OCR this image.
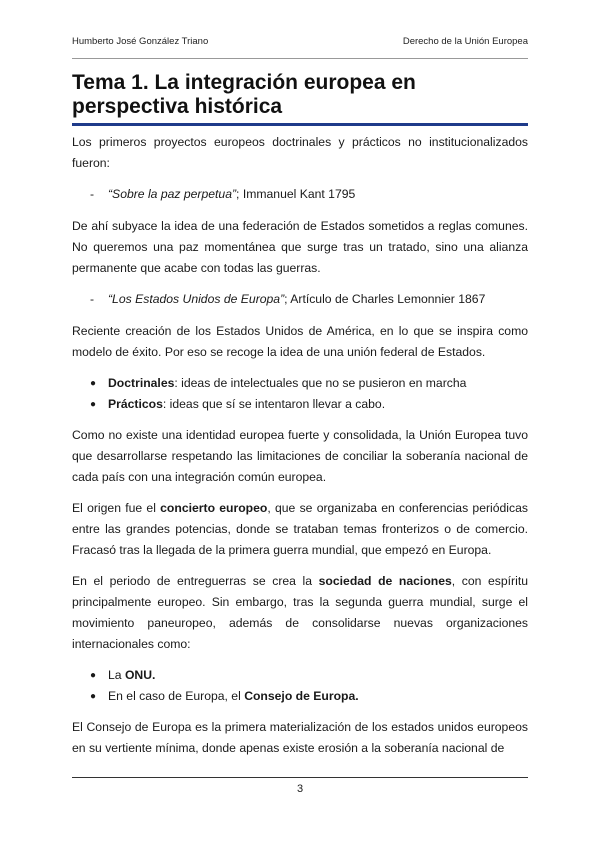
Humberto José González Triano	Derecho de la Unión Europea
Tema 1. La integración europea en perspectiva histórica

Los primeros proyectos europeos doctrinales y prácticos no institucionalizados fueron:

-	“Sobre la paz perpetua”; Immanuel Kant 1795

De ahí subyace la idea de una federación de Estados sometidos a reglas comunes. No queremos una paz momentánea que surge tras un tratado, sino una alianza permanente que acabe con todas las guerras.

-	“Los Estados Unidos de Europa”; Artículo de Charles Lemonnier 1867

Reciente creación de los Estados Unidos de América, en lo que se inspira como modelo de éxito. Por eso se recoge la idea de una unión federal de Estados.

● Doctrinales: ideas de intelectuales que no se pusieron en marcha
● Prácticos: ideas que sí se intentaron llevar a cabo.

Como no existe una identidad europea fuerte y consolidada, la Unión Europea tuvo que desarrollarse respetando las limitaciones de conciliar la soberanía nacional de cada país con una integración común europea.

El origen fue el concierto europeo, que se organizaba en conferencias periódicas entre las grandes potencias, donde se trataban temas fronterizos o de comercio. Fracasó tras la llegada de la primera guerra mundial, que empezó en Europa.

En el periodo de entreguerras se crea la sociedad de naciones, con espíritu principalmente europeo. Sin embargo, tras la segunda guerra mundial, surge el movimiento paneuropeo, además de consolidarse nuevas organizaciones internacionales como:

● La ONU.
● En el caso de Europa, el Consejo de Europa.

El Consejo de Europa es la primera materialización de los estados unidos europeos en su vertiente mínima, donde apenas existe erosión a la soberanía nacional de

3
